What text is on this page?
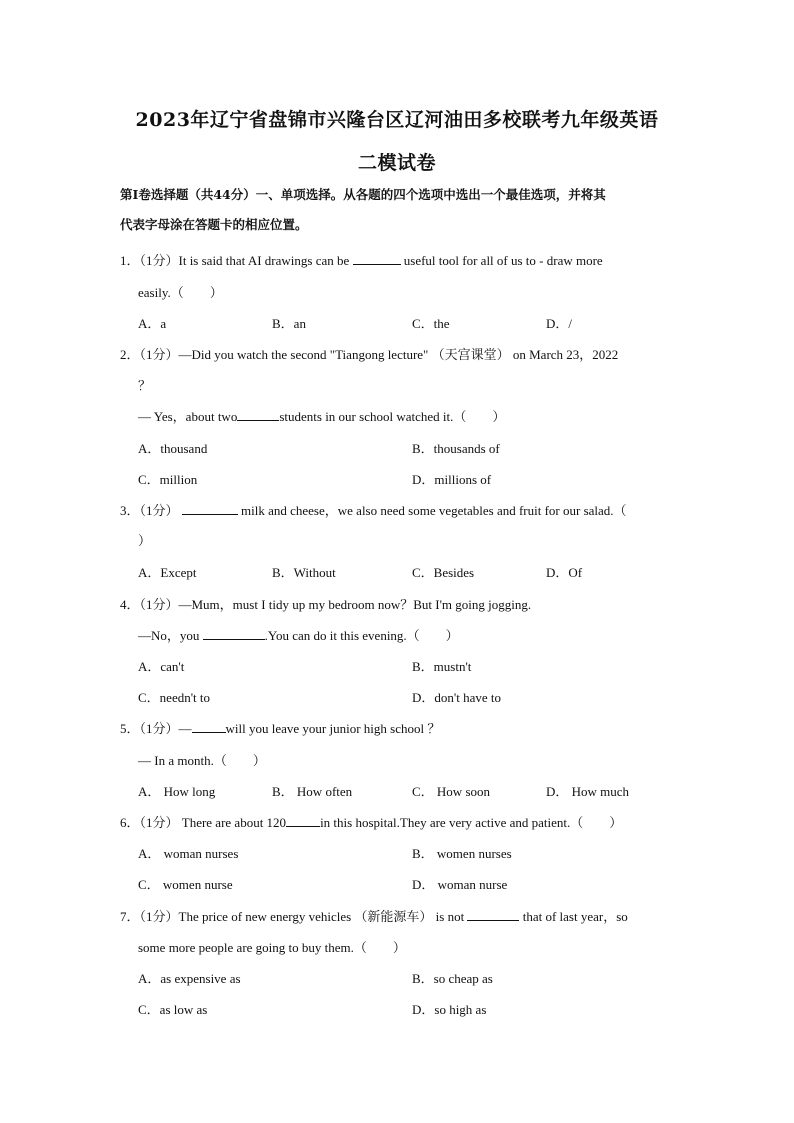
2023年辽宁省盘锦市兴隆台区辽河油田多校联考九年级英语
二模试卷
第Ⅰ卷选择题（共44分）一、单项选择。从各题的四个选项中选出一个最佳选项，并将其
代表字母涂在答题卡的相应位置。
1．（1分）It is said that AI drawings can be	useful tool for all of us to - draw more
easily.（　　）
A．a	B．an	C．the	D．/
2．（1分）—Did you watch the second "Tiangong lecture" （天宫课堂） on March 23，2022
？
— Yes，about two	students in our school watched it.（　　）
A．thousand	B．thousands of
C．million	D．millions of
3．（1分）	milk and cheese，we also need some vegetables and fruit for our salad.（
）
A．Except	B．Without	C．Besides	D．Of
4．（1分）—Mum，must I tidy up my bedroom now？But I'm going jogging.
—No，you	.You can do it this evening.（　　）
A．can't	B．mustn't
C．needn't to	D．don't have to
5．（1分）—	will you leave your junior high school ？
— In a month.（　　）
A． How long	B． How often	C． How soon	D． How much
6．（1分） There are about 120	in this hospital.They are very active and patient.（　　）
A． woman nurses	B． women nurses
C． women nurse	D． woman nurse
7．（1分）The price of new energy vehicles （新能源车） is not	that of last year，so
some more people are going to buy them.（　　）
A．as expensive as	B．so cheap as
C．as low as	D．so high as
